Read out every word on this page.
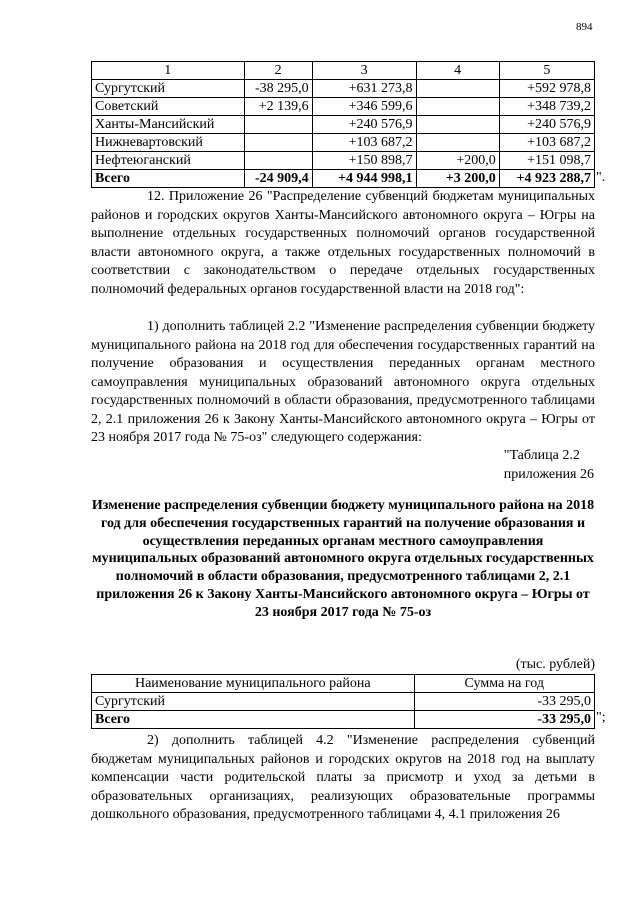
894
1	2	3	4	5
Сургутский	-38 295,0	+631 273,8		+592 978,8
Советский	+2 139,6	+346 599,6		+348 739,2
Ханты-Мансийский		+240 576,9		+240 576,9
Нижневартовский		+103 687,2		+103 687,2
Нефтеюганский		+150 898,7	+200,0	+151 098,7
Всего	-24 909,4	+4 944 998,1	+3 200,0	+4 923 288,7 ".
12. Приложение 26 "Распределение субвенций бюджетам муниципальных районов и городских округов Ханты-Мансийского автономного округа – Югры на выполнение отдельных государственных полномочий органов государственной власти автономного округа, а также отдельных государственных полномочий в соответствии с законодательством о передаче отдельных государственных полномочий федеральных органов государственной власти на 2018 год":
1) дополнить таблицей 2.2 "Изменение распределения субвенции бюджету муниципального района на 2018 год для обеспечения государственных гарантий на получение образования и осуществления переданных органам местного самоуправления муниципальных образований автономного округа отдельных государственных полномочий в области образования, предусмотренного таблицами 2, 2.1 приложения 26 к Закону Ханты-Мансийского автономного округа – Югры от 23 ноября 2017 года № 75-оз" следующего содержания:
"Таблица 2.2
приложения 26
Изменение распределения субвенции бюджету муниципального района на 2018 год для обеспечения государственных гарантий на получение образования и осуществления переданных органам местного самоуправления муниципальных образований автономного округа отдельных государственных полномочий в области образования, предусмотренного таблицами 2, 2.1 приложения 26 к Закону Ханты-Мансийского автономного округа – Югры от 23 ноября 2017 года № 75-оз
(тыс. рублей)
Наименование муниципального района	Сумма на год
Сургутский	-33 295,0
Всего	-33 295,0 ";
2) дополнить таблицей 4.2 "Изменение распределения субвенций бюджетам муниципальных районов и городских округов на 2018 год на выплату компенсации части родительской платы за присмотр и уход за детьми в образовательных организациях, реализующих образовательные программы дошкольного образования, предусмотренного таблицами 4, 4.1 приложения 26
